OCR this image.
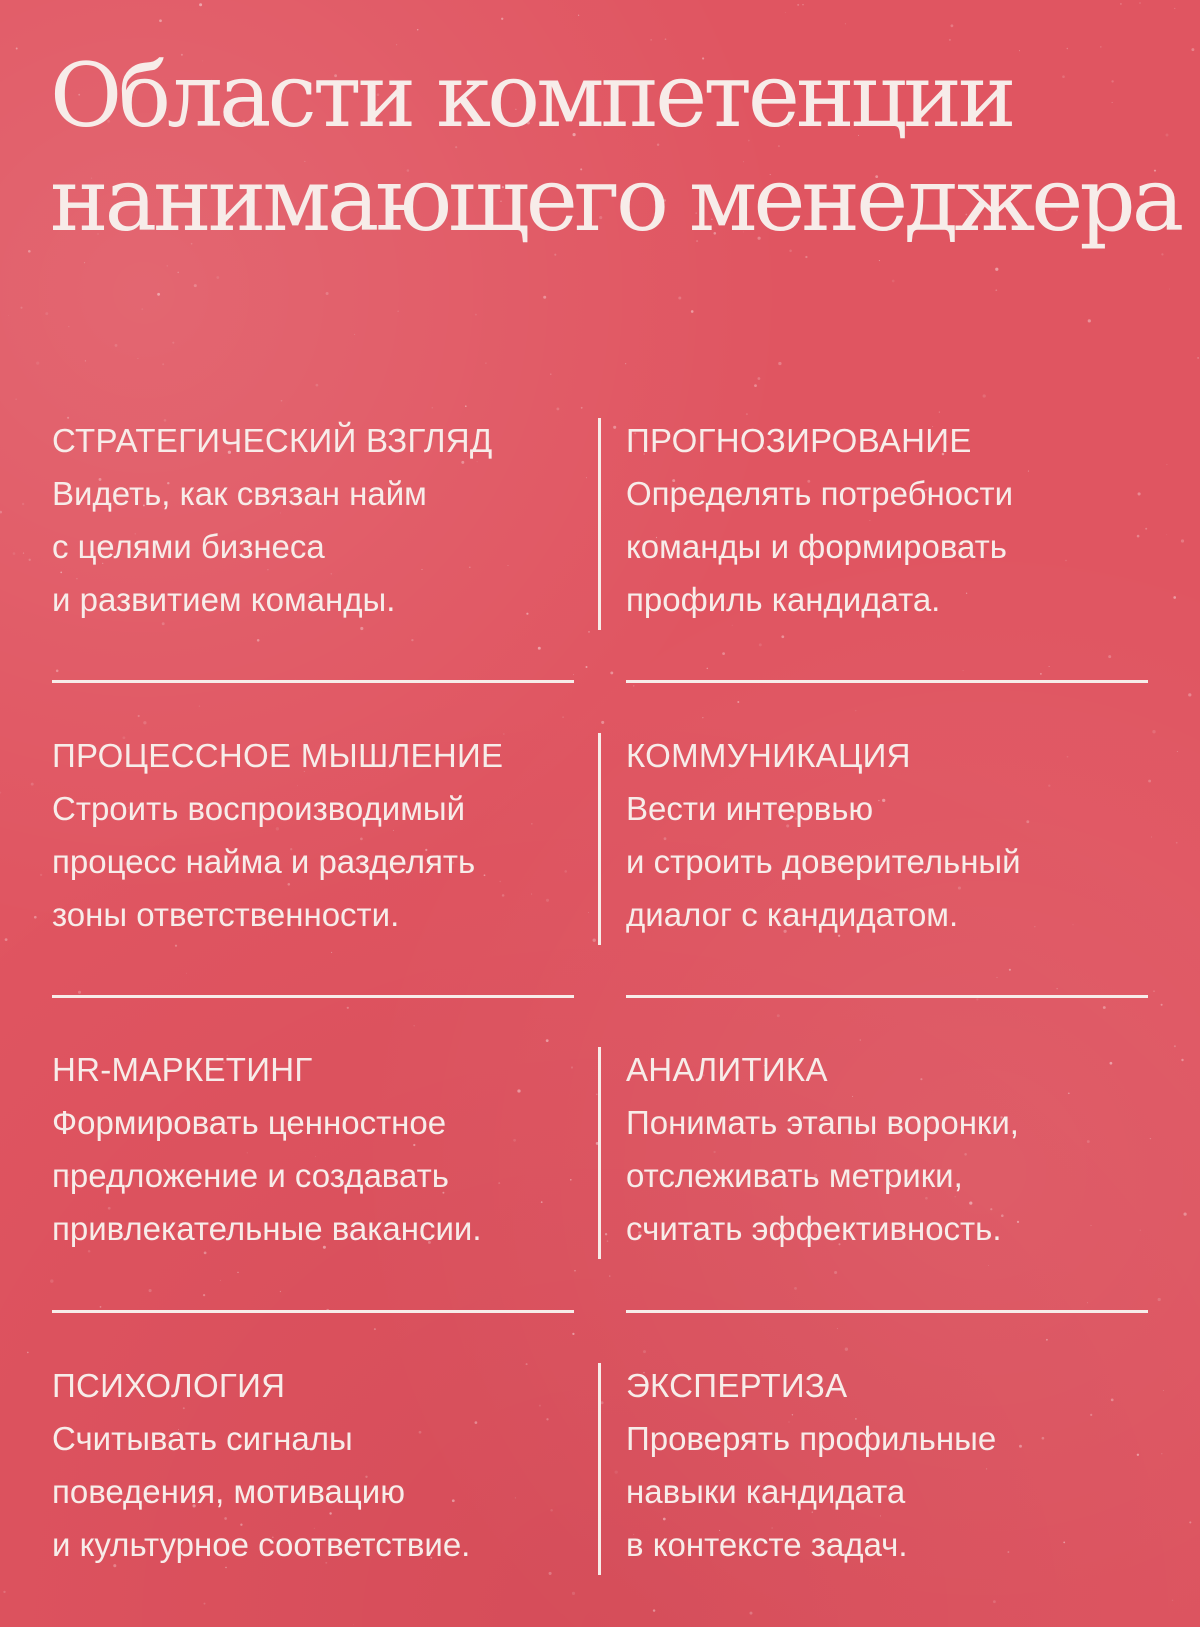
Области компетенции
нанимающего менеджера
СТРАТЕГИЧЕСКИЙ ВЗГЛЯД
Видеть, как связан найм
с целями бизнеса
и развитием команды.
ПРОГНОЗИРОВАНИЕ
Определять потребности
команды и формировать
профиль кандидата.
ПРОЦЕССНОЕ МЫШЛЕНИЕ
Строить воспроизводимый
процесс найма и разделять
зоны ответственности.
КОММУНИКАЦИЯ
Вести интервью
и строить доверительный
диалог с кандидатом.
HR-МАРКЕТИНГ
Формировать ценностное
предложение и создавать
привлекательные вакансии.
АНАЛИТИКА
Понимать этапы воронки,
отслеживать метрики,
считать эффективность.
ПСИХОЛОГИЯ
Считывать сигналы
поведения, мотивацию
и культурное соответствие.
ЭКСПЕРТИЗА
Проверять профильные
навыки кандидата
в контексте задач.
